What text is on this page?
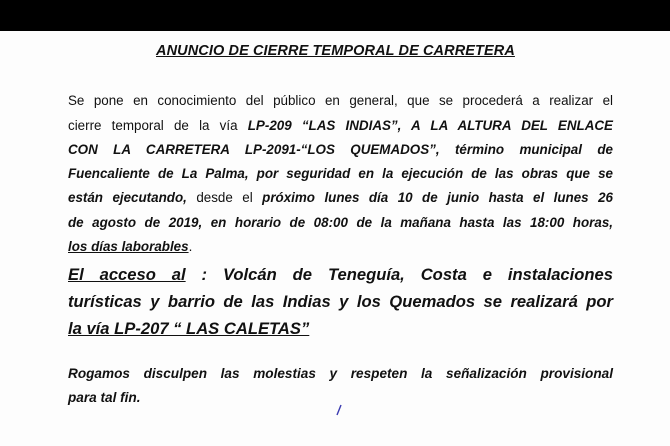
ANUNCIO DE CIERRE TEMPORAL DE CARRETERA
Se pone en conocimiento del público en general, que se procederá a realizar el
cierre temporal de la vía LP-209 “LAS INDIAS”, A LA ALTURA DEL ENLACE
CON LA CARRETERA LP-2091-“LOS QUEMADOS”, término municipal de
Fuencaliente de La Palma, por seguridad en la ejecución de las obras que se
están ejecutando, desde el próximo lunes día 10 de junio hasta el lunes 26
de agosto de 2019, en horario de 08:00 de la mañana hasta las 18:00 horas,
los días laborables.
El acceso al : Volcán de Teneguía, Costa e instalaciones
turísticas y barrio de las Indias y los Quemados se realizará por
la vía LP-207 “ LAS CALETAS”
Rogamos disculpen las molestias y respeten la señalización provisional
para tal fin.
